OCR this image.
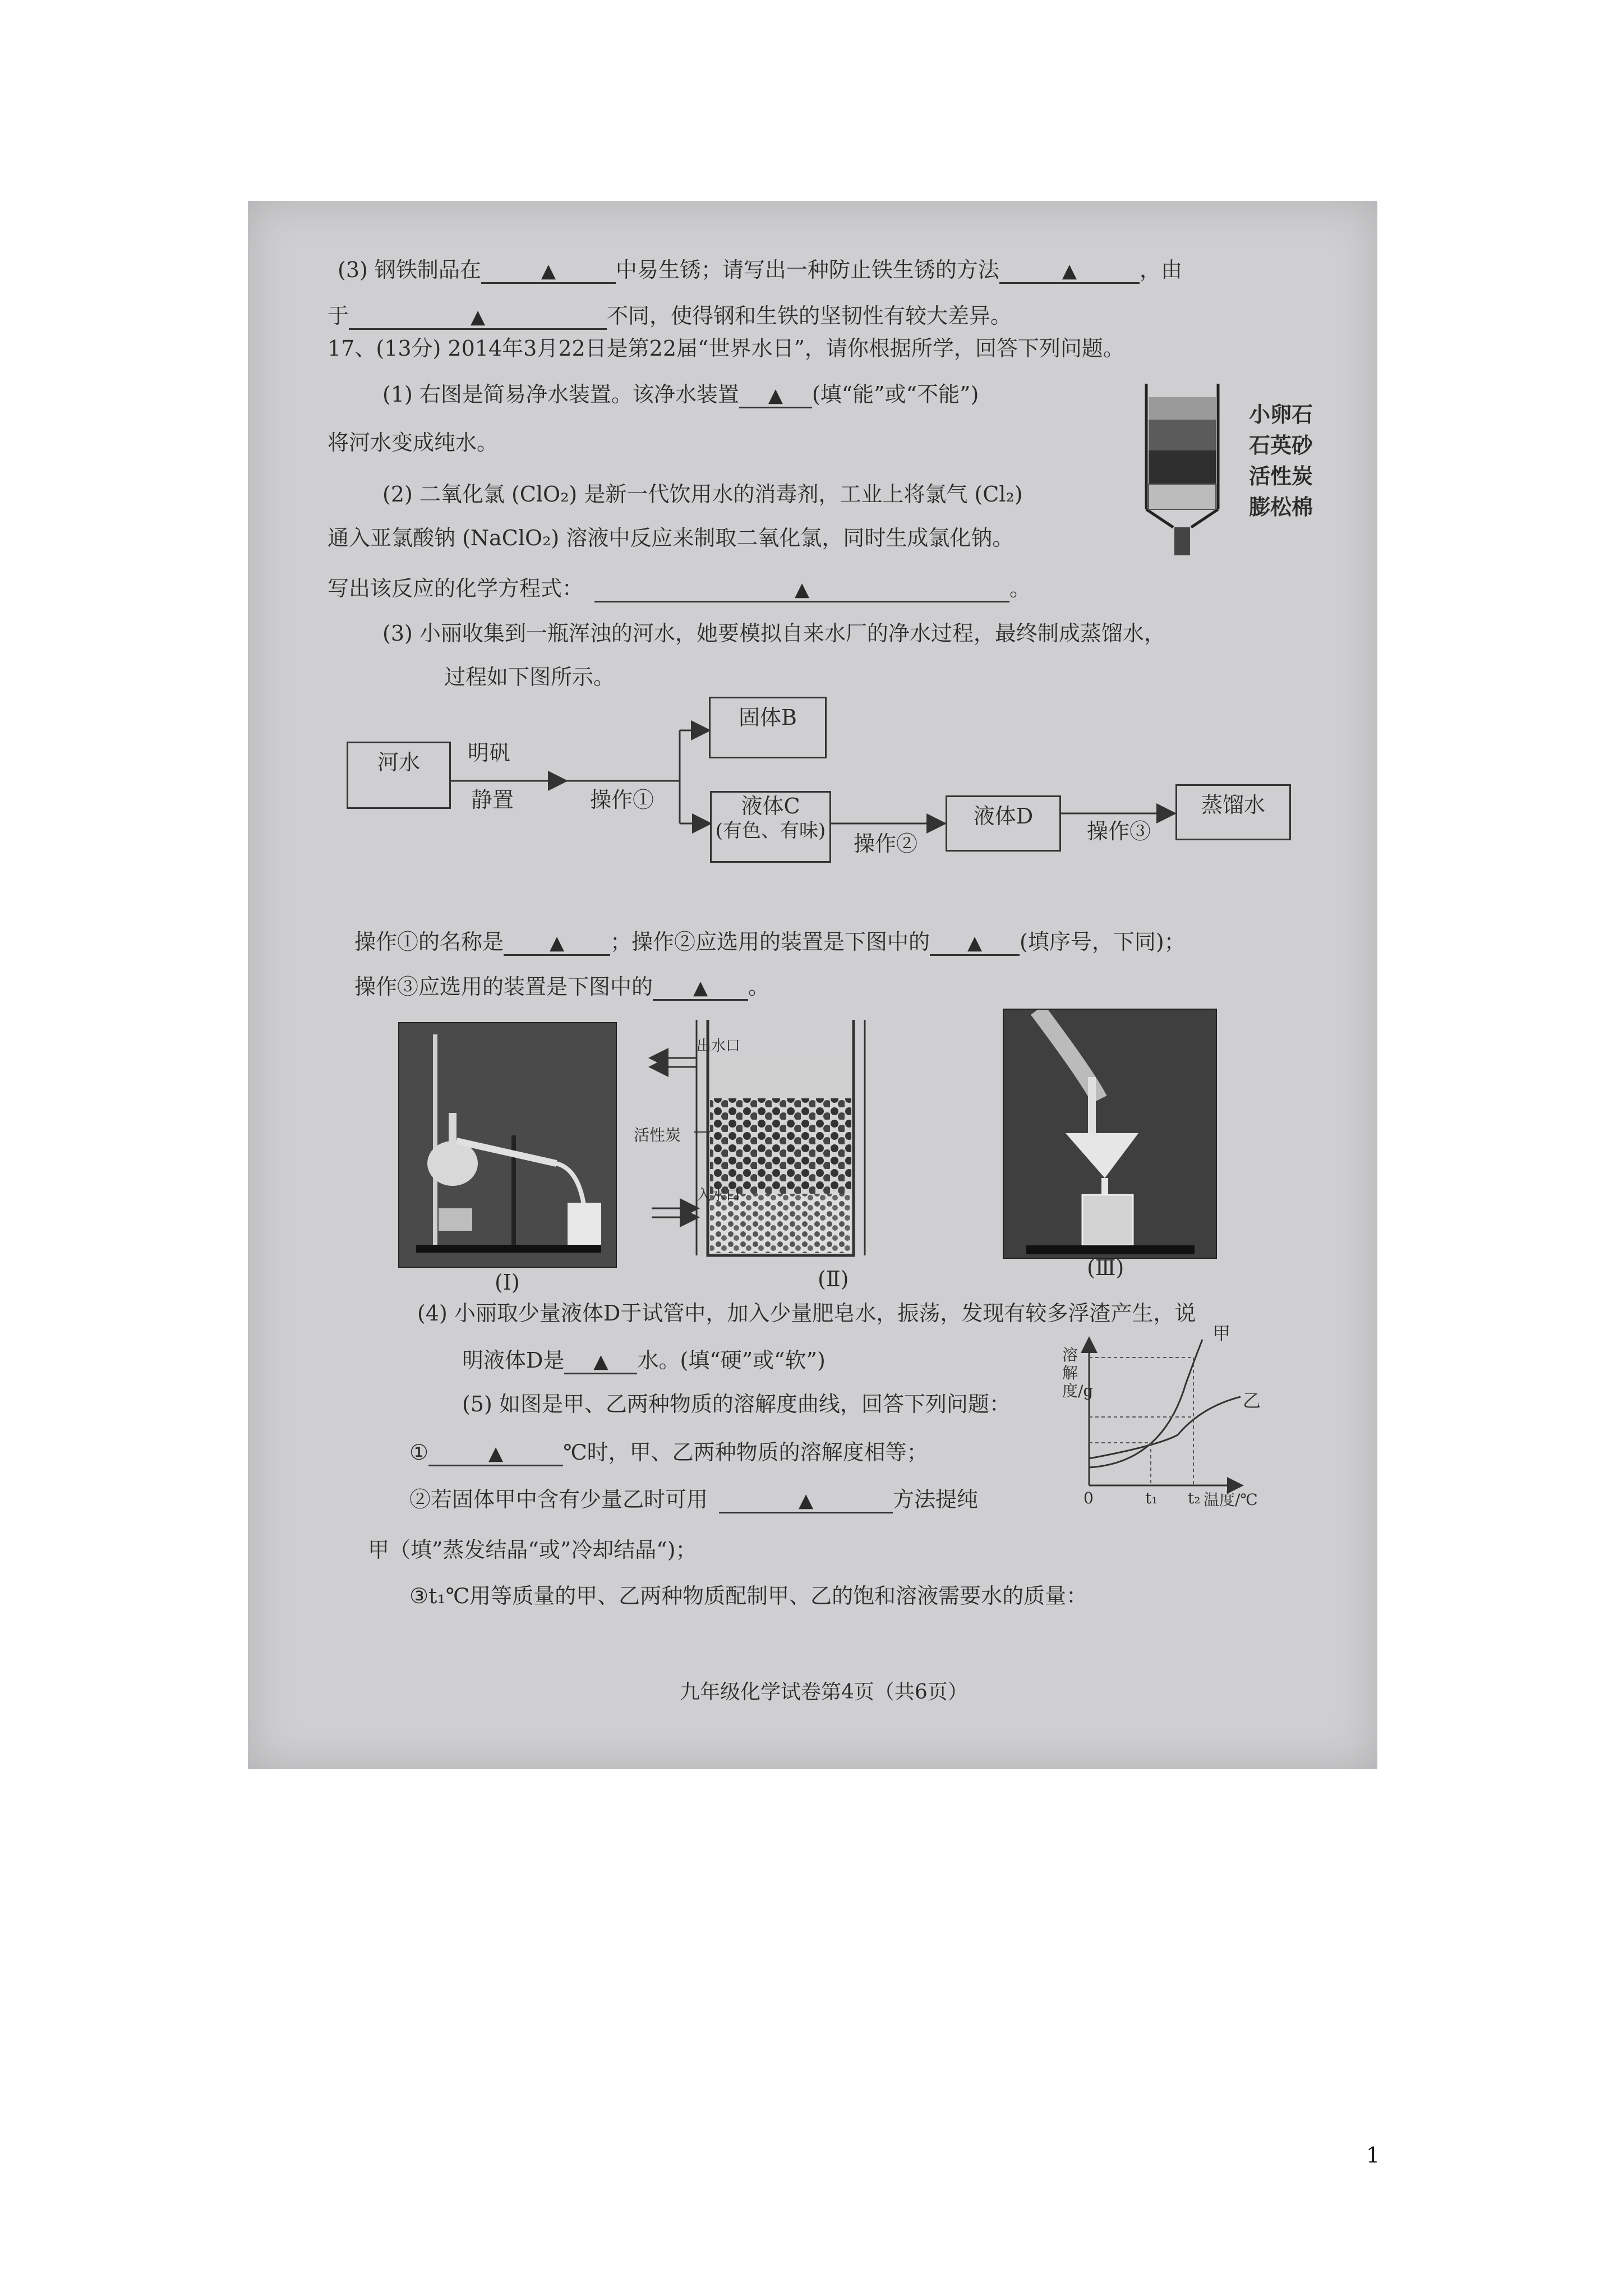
(3) 钢铁制品在	▲	中易生锈；请写出一种防止铁生锈的方法	▲	，由
于	▲	不同，使得钢和生铁的坚韧性有较大差异。
17、(13分) 2014年3月22日是第22届“世界水日”，请你根据所学，回答下列问题。
(1) 右图是简易净水装置。该净水装置 ▲ (填“能”或“不能”)
将河水变成纯水。
小卵石
石英砂
活性炭
膨松棉
(2) 二氧化氯 (ClO₂) 是新一代饮用水的消毒剂，工业上将氯气 (Cl₂)
通入亚氯酸钠 (NaClO₂) 溶液中反应来制取二氧化氯，同时生成氯化钠。
写出该反应的化学方程式：	▲	。
(3) 小丽收集到一瓶浑浊的河水，她要模拟自来水厂的净水过程，最终制成蒸馏水，
过程如下图所示。
河水	明矾
静置	操作①
固体B
液体C
(有色、有味)
操作②
液体D
操作③
蒸馏水
操作①的名称是 ▲ ；操作②应选用的装置是下图中的 ▲ (填序号，下同)；
操作③应选用的装置是下图中的 ▲ 。
(Ⅰ)
出水口
活性炭
入水口
(Ⅱ)	(Ⅲ)
(4) 小丽取少量液体D于试管中，加入少量肥皂水，振荡，发现有较多浮渣产生，说
明液体D是 ▲ 水。(填“硬”或“软”)
(5) 如图是甲、乙两种物质的溶解度曲线，回答下列问题：
①	▲	℃时，甲、乙两种物质的溶解度相等；
②若固体甲中含有少量乙时可用	▲	方法提纯
甲（填”蒸发结晶“或”冷却结晶“)；
③t₁℃用等质量的甲、乙两种物质配制甲、乙的饱和溶液需要水的质量：
溶解度/g
甲
乙
0	t₁ t₂ 温度/℃
九年级化学试卷第4页（共6页）
1
